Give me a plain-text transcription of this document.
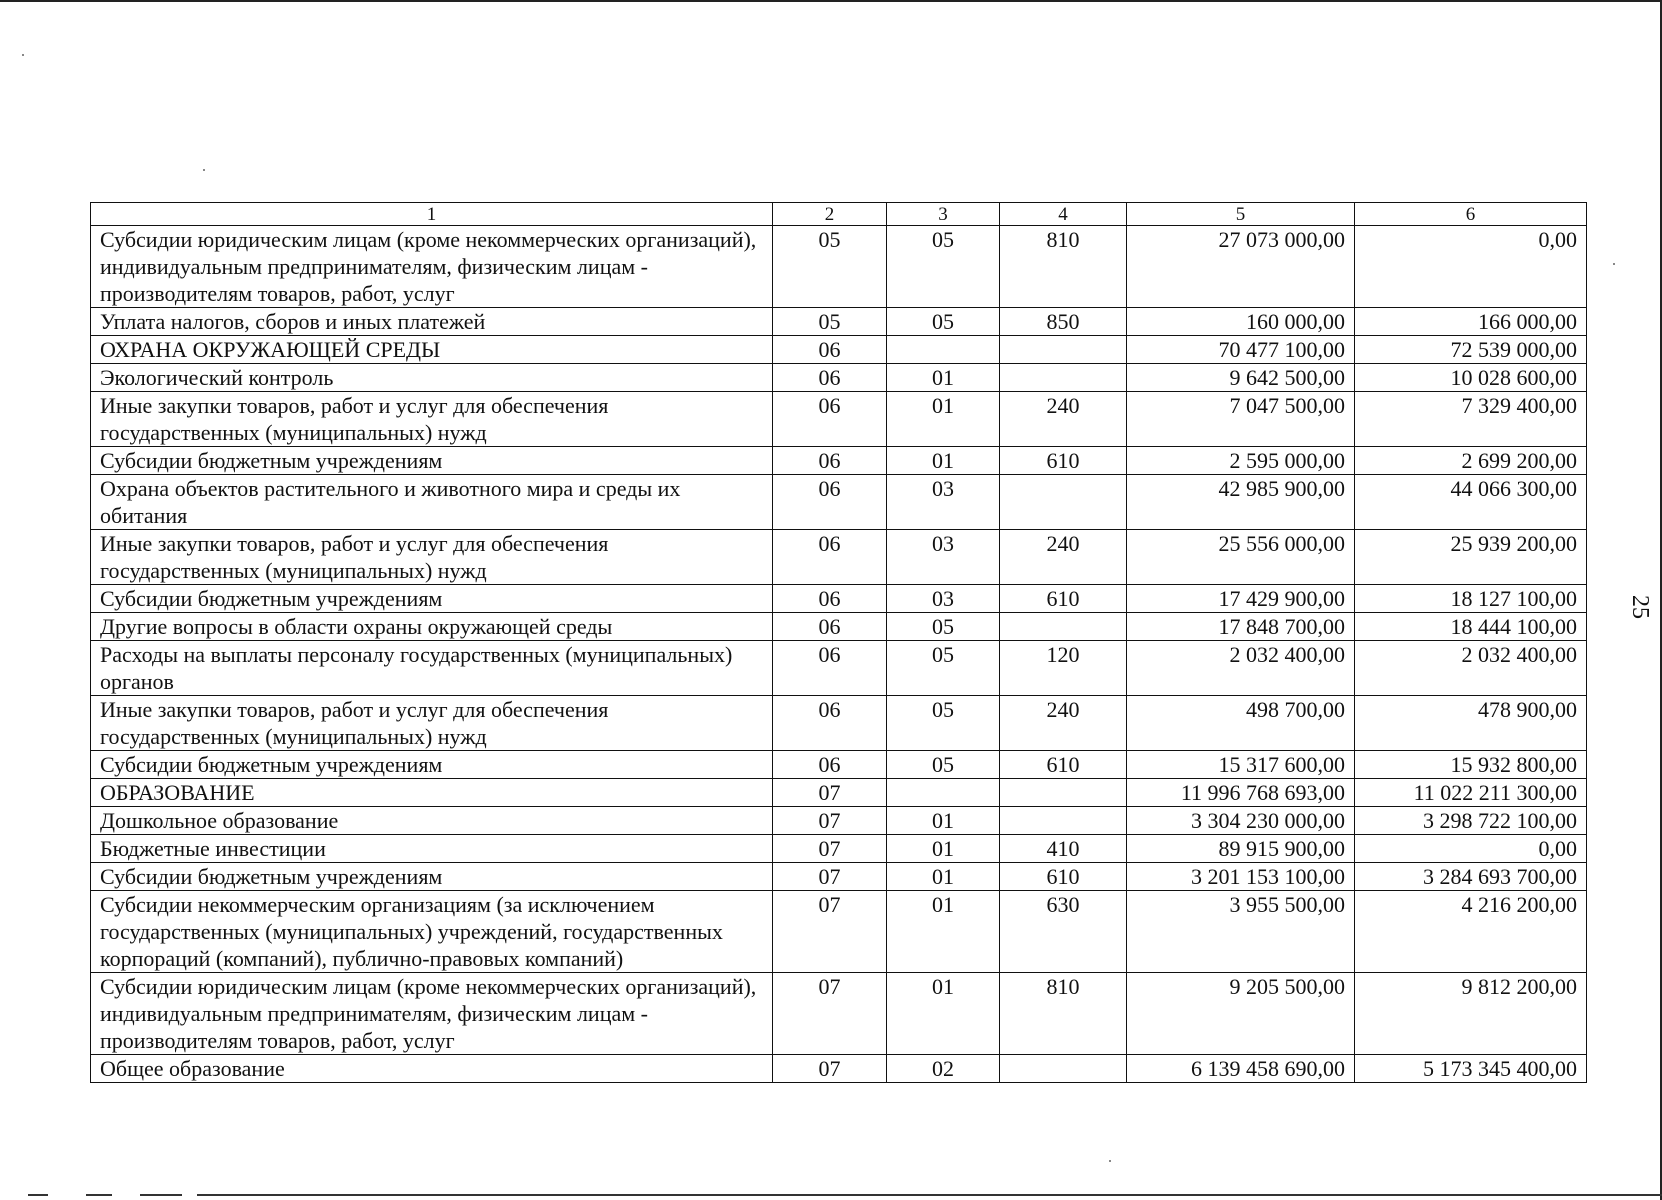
25
1	2	3	4	5	6
Субсидии юридическим лицам (кроме некоммерческих организаций), индивидуальным предпринимателям, физическим лицам - производителям товаров, работ, услуг	05	05	810	27 073 000,00	0,00
Уплата налогов, сборов и иных платежей	05	05	850	160 000,00	166 000,00
ОХРАНА ОКРУЖАЮЩЕЙ СРЕДЫ	06			70 477 100,00	72 539 000,00
Экологический контроль	06	01		9 642 500,00	10 028 600,00
Иные закупки товаров, работ и услуг для обеспечения государственных (муниципальных) нужд	06	01	240	7 047 500,00	7 329 400,00
Субсидии бюджетным учреждениям	06	01	610	2 595 000,00	2 699 200,00
Охрана объектов растительного и животного мира и среды их обитания	06	03		42 985 900,00	44 066 300,00
Иные закупки товаров, работ и услуг для обеспечения государственных (муниципальных) нужд	06	03	240	25 556 000,00	25 939 200,00
Субсидии бюджетным учреждениям	06	03	610	17 429 900,00	18 127 100,00
Другие вопросы в области охраны окружающей среды	06	05		17 848 700,00	18 444 100,00
Расходы на выплаты персоналу государственных (муниципальных) органов	06	05	120	2 032 400,00	2 032 400,00
Иные закупки товаров, работ и услуг для обеспечения государственных (муниципальных) нужд	06	05	240	498 700,00	478 900,00
Субсидии бюджетным учреждениям	06	05	610	15 317 600,00	15 932 800,00
ОБРАЗОВАНИЕ	07			11 996 768 693,00	11 022 211 300,00
Дошкольное образование	07	01		3 304 230 000,00	3 298 722 100,00
Бюджетные инвестиции	07	01	410	89 915 900,00	0,00
Субсидии бюджетным учреждениям	07	01	610	3 201 153 100,00	3 284 693 700,00
Субсидии некоммерческим организациям (за исключением государственных (муниципальных) учреждений, государственных корпораций (компаний), публично-правовых компаний)	07	01	630	3 955 500,00	4 216 200,00
Субсидии юридическим лицам (кроме некоммерческих организаций), индивидуальным предпринимателям, физическим лицам - производителям товаров, работ, услуг	07	01	810	9 205 500,00	9 812 200,00
Общее образование	07	02		6 139 458 690,00	5 173 345 400,00
